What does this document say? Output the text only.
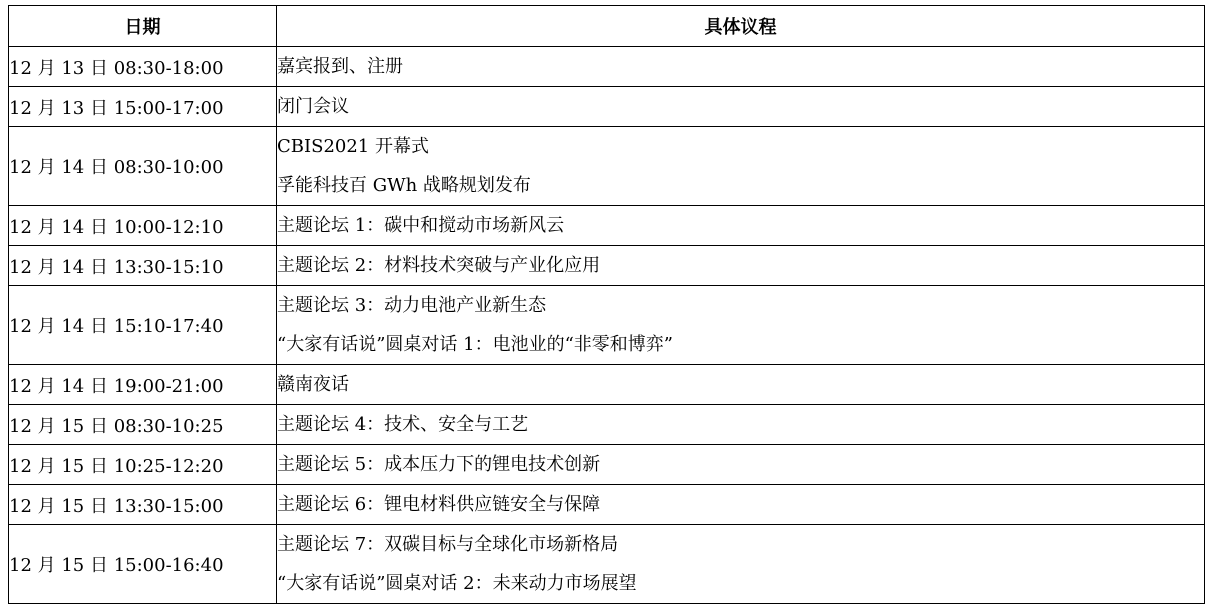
日期	具体议程
12 月 13 日 08:30-18:00	嘉宾报到、注册

12 月 13 日 15:00-17:00	闭门会议

12 月 14 日 08:30-10:00	CBIS2021 开幕式
孚能科技百 GWh 战略规划发布

12 月 14 日 10:00-12:10	主题论坛 1：碳中和搅动市场新风云

12 月 14 日 13:30-15:10	主题论坛 2：材料技术突破与产业化应用

12 月 14 日 15:10-17:40	主题论坛 3：动力电池产业新生态
“大家有话说”圆桌对话 1：电池业的“非零和博弈”

12 月 14 日 19:00-21:00	赣南夜话

12 月 15 日 08:30-10:25	主题论坛 4：技术、安全与工艺

12 月 15 日 10:25-12:20	主题论坛 5：成本压力下的锂电技术创新

12 月 15 日 13:30-15:00	主题论坛 6：锂电材料供应链安全与保障

12 月 15 日 15:00-16:40	主题论坛 7：双碳目标与全球化市场新格局
“大家有话说”圆桌对话 2：未来动力市场展望
